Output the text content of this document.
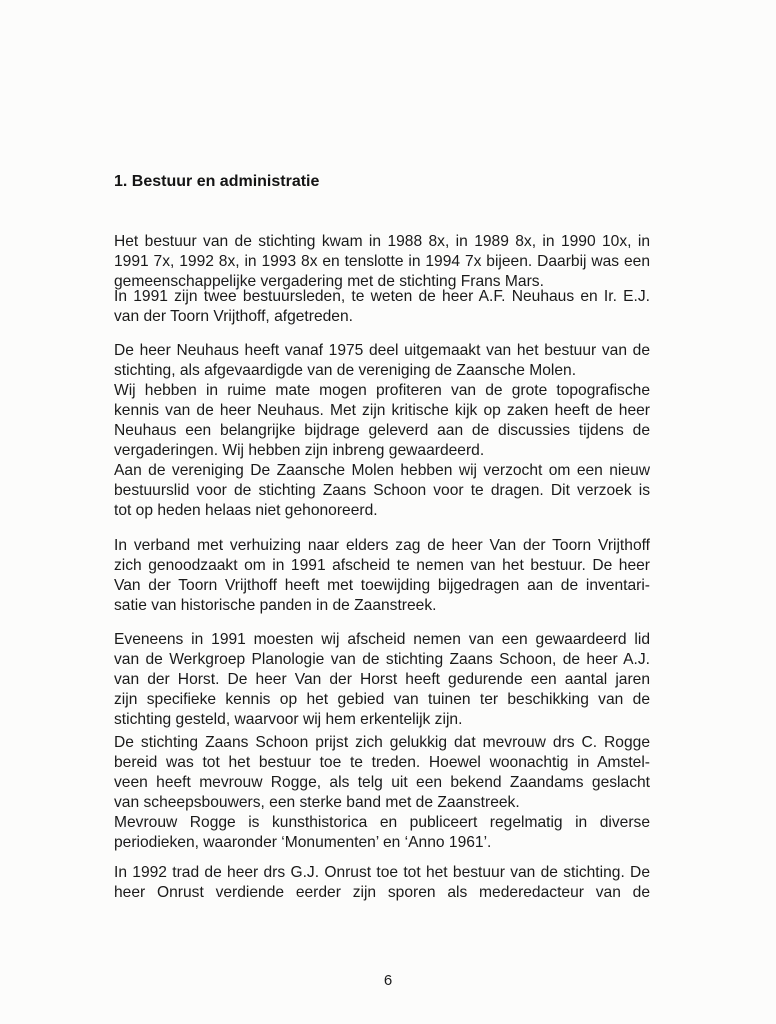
1. Bestuur en administratie
Het bestuur van de stichting kwam in 1988 8x, in 1989 8x, in 1990 10x, in
1991 7x, 1992 8x, in 1993 8x en tenslotte in 1994 7x bijeen. Daarbij was een
gemeenschappelijke vergadering met de stichting Frans Mars.
In 1991 zijn twee bestuursleden, te weten de heer A.F. Neuhaus en Ir. E.J.
van der Toorn Vrijthoff, afgetreden.
De heer Neuhaus heeft vanaf 1975 deel uitgemaakt van het bestuur van de
stichting, als afgevaardigde van de vereniging de Zaansche Molen.
Wij hebben in ruime mate mogen profiteren van de grote topografische
kennis van de heer Neuhaus. Met zijn kritische kijk op zaken heeft de heer
Neuhaus een belangrijke bijdrage geleverd aan de discussies tijdens de
vergaderingen. Wij hebben zijn inbreng gewaardeerd.
Aan de vereniging De Zaansche Molen hebben wij verzocht om een nieuw
bestuurslid voor de stichting Zaans Schoon voor te dragen. Dit verzoek is
tot op heden helaas niet gehonoreerd.
In verband met verhuizing naar elders zag de heer Van der Toorn Vrijthoff
zich genoodzaakt om in 1991 afscheid te nemen van het bestuur. De heer
Van der Toorn Vrijthoff heeft met toewijding bijgedragen aan de inventari-
satie van historische panden in de Zaanstreek.
Eveneens in 1991 moesten wij afscheid nemen van een gewaardeerd lid
van de Werkgroep Planologie van de stichting Zaans Schoon, de heer A.J.
van der Horst. De heer Van der Horst heeft gedurende een aantal jaren
zijn specifieke kennis op het gebied van tuinen ter beschikking van de
stichting gesteld, waarvoor wij hem erkentelijk zijn.
De stichting Zaans Schoon prijst zich gelukkig dat mevrouw drs C. Rogge
bereid was tot het bestuur toe te treden. Hoewel woonachtig in Amstel-
veen heeft mevrouw Rogge, als telg uit een bekend Zaandams geslacht
van scheepsbouwers, een sterke band met de Zaanstreek.
Mevrouw Rogge is kunsthistorica en publiceert regelmatig in diverse
periodieken, waaronder ‘Monumenten’ en ‘Anno 1961’.
In 1992 trad de heer drs G.J. Onrust toe tot het bestuur van de stichting. De
heer Onrust verdiende eerder zijn sporen als mederedacteur van de
6
